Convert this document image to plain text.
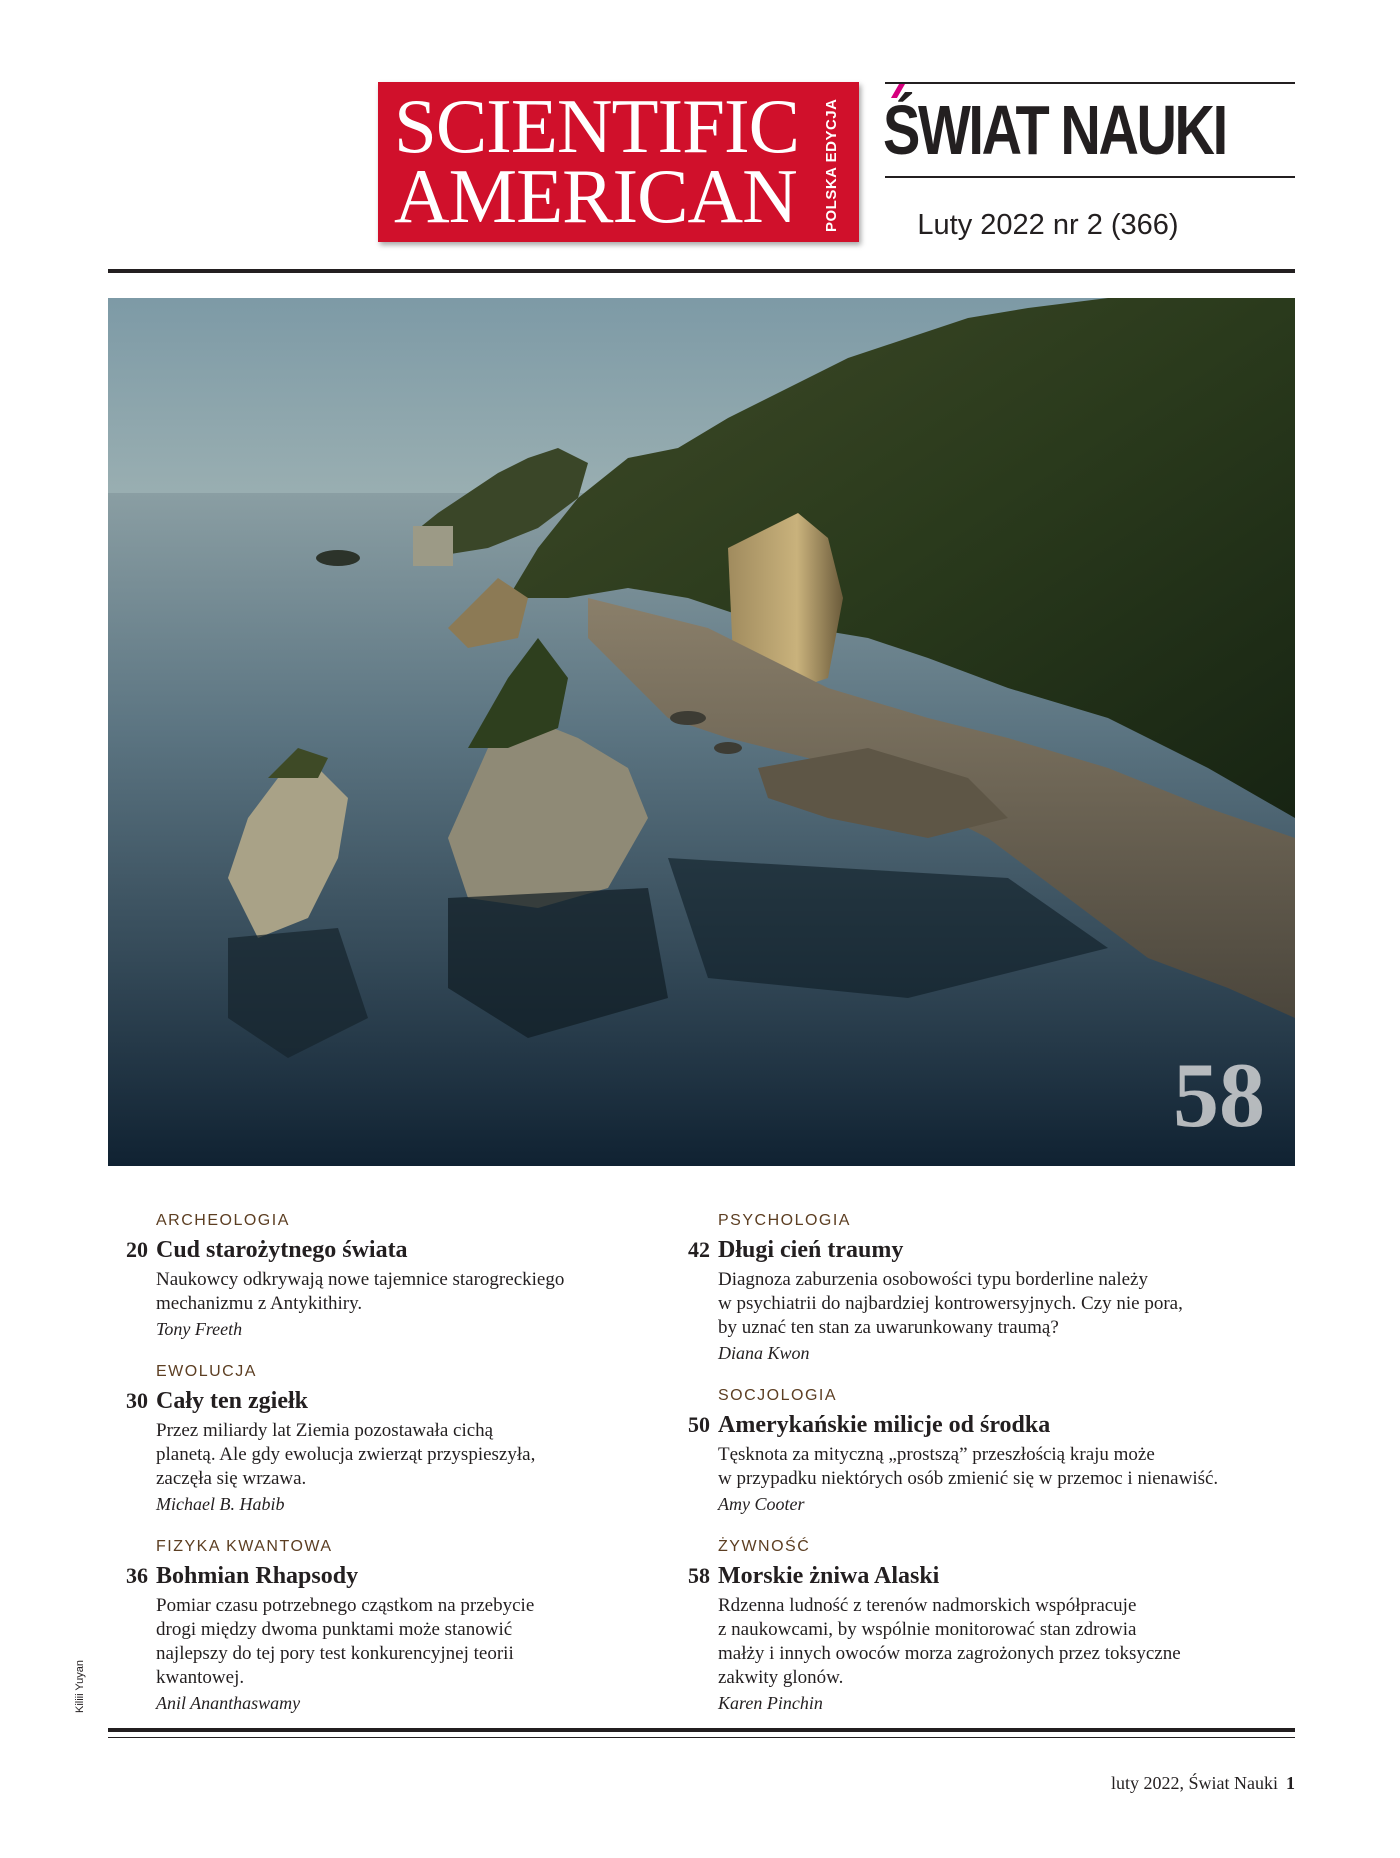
SCIENTIFIC
AMERICAN POLSKA EDYCJA ŚWIAT NAUKI
Luty 2022 nr 2 (366)
58
Kiliii Yuyan
ARCHEOLOGIA
20 Cud starożytnego świata
Naukowcy odkrywają nowe tajemnice starogreckiego
mechanizmu z Antykithiry.
Tony Freeth
EWOLUCJA
30 Cały ten zgiełk
Przez miliardy lat Ziemia pozostawała cichą
planetą. Ale gdy ewolucja zwierząt przyspieszyła,
zaczęła się wrzawa.
Michael B. Habib
FIZYKA KWANTOWA
36 Bohmian Rhapsody
Pomiar czasu potrzebnego cząstkom na przebycie
drogi między dwoma punktami może stanowić
najlepszy do tej pory test konkurencyjnej teorii
kwantowej.
Anil Ananthaswamy
PSYCHOLOGIA
42 Długi cień traumy
Diagnoza zaburzenia osobowości typu borderline należy
w psychiatrii do najbardziej kontrowersyjnych. Czy nie pora,
by uznać ten stan za uwarunkowany traumą?
Diana Kwon
SOCJOLOGIA
50 Amerykańskie milicje od środka
Tęsknota za mityczną „prostszą” przeszłością kraju może
w przypadku niektórych osób zmienić się w przemoc i nienawiść.
Amy Cooter
ŻYWNOŚĆ
58 Morskie żniwa Alaski
Rdzenna ludność z terenów nadmorskich współpracuje
z naukowcami, by wspólnie monitorować stan zdrowia
małży i innych owoców morza zagrożonych przez toksyczne
zakwity glonów.
Karen Pinchin
luty 2022, Świat Nauki 1
